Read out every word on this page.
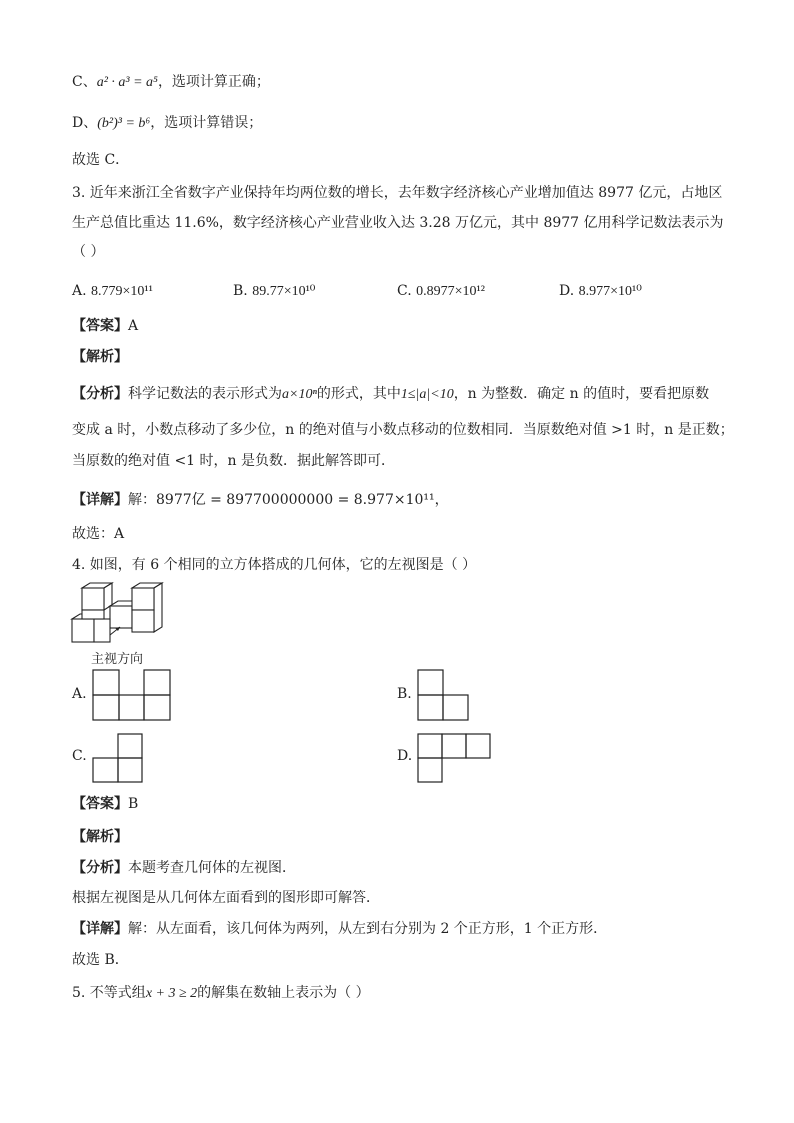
C、a² · a³ = a⁵，选项计算正确；
D、(b²)³ = b⁶，选项计算错误；
故选 C．
3. 近年来浙江全省数字产业保持年均两位数的增长，去年数字经济核心产业增加值达 8977 亿元，占地区
生产总值比重达 11.6%，数字经济核心产业营业收入达 3.28 万亿元，其中 8977 亿用科学记数法表示为
（ ）
A. 8.779×10¹¹	B. 89.77×10¹⁰	C. 0.8977×10¹²	D. 8.977×10¹⁰
【答案】A
【解析】
【分析】科学记数法的表示形式为a×10ⁿ的形式，其中1≤|a|<10，n 为整数．确定 n 的值时，要看把原数
变成 a 时，小数点移动了多少位，n 的绝对值与小数点移动的位数相同．当原数绝对值 >1 时，n 是正数；
当原数的绝对值 <1 时，n 是负数．据此解答即可．
【详解】解：8977亿 = 897700000000 = 8.977×10¹¹，
故选：A
4. 如图，有 6 个相同的立方体搭成的几何体，它的左视图是（ ）
主视方向
A.	B.
C.	D.
【答案】B
【解析】
【分析】本题考查几何体的左视图．
根据左视图是从几何体左面看到的图形即可解答．
【详解】解：从左面看，该几何体为两列，从左到右分别为 2 个正方形，1 个正方形．
故选 B．
5. 不等式组x + 3 ≥ 2的解集在数轴上表示为（ ）
